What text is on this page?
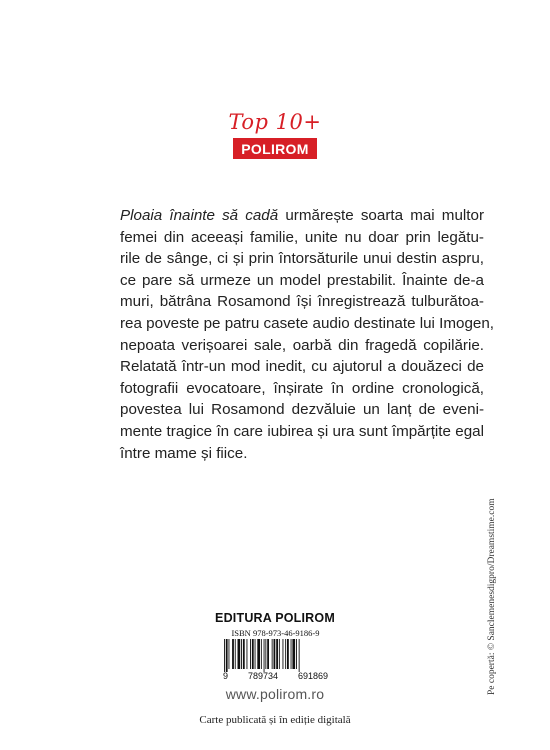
Top 10+
POLIROM
Ploaia înainte să cadă urmărește soarta mai multor
femei din aceeași familie, unite nu doar prin legătu-
rile de sânge, ci și prin întorsăturile unui destin aspru,
ce pare să urmeze un model prestabilit. Înainte de-a
muri, bătrâna Rosamond își înregistrează tulburătoa-
rea poveste pe patru casete audio destinate lui Imogen,
nepoata verișoarei sale, oarbă din fragedă copilărie.
Relatată într-un mod inedit, cu ajutorul a douăzeci de
fotografii evocatoare, înșirate în ordine cronologică,
povestea lui Rosamond dezvăluie un lanț de eveni-
mente tragice în care iubirea și ura sunt împărțite egal
între mame și fiice.
Pe copertă: © Sanclemenesdigpro/Dreamstime.com
EDITURA POLIROM
ISBN 978-973-46-9186-9
9 789734 691869
www.polirom.ro
Carte publicată și în ediție digitală
